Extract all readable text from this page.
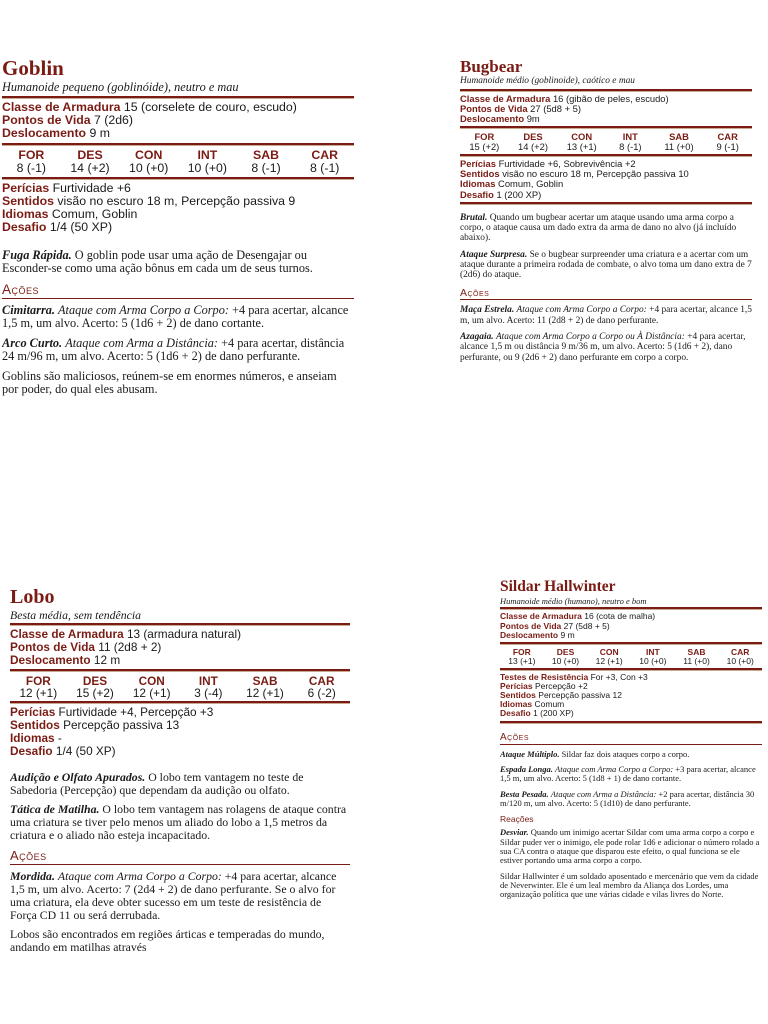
Goblin
Humanoide pequeno (goblinóide), neutro e mau

Classe de Armadura 15 (corselete de couro, escudo)

Pontos de Vida 7 (2d6)

Deslocamento 9 m

FOR
8 (-1)
DES
14 (+2)
CON
10 (+0)
INT
10 (+0)
SAB
8 (-1)
CAR
8 (-1)

Perícias Furtividade +6

Sentidos visão no escuro 18 m, Percepção passiva 9

Idiomas Comum, Goblin

Desafio 1/4 (50 XP)

Fuga Rápida. O goblin pode usar uma ação de Desengajar ou Esconder-se como uma ação bônus em cada um de seus turnos.

Ações

Cimitarra. Ataque com Arma Corpo a Corpo: +4 para acertar, alcance 1,5 m, um alvo. Acerto: 5 (1d6 + 2) de dano cortante.

Arco Curto. Ataque com Arma a Distância: +4 para acertar, distância 24 m/96 m, um alvo. Acerto: 5 (1d6 + 2) de dano perfurante.

Goblins são maliciosos, reúnem-se em enormes números, e anseiam por poder, do qual eles abusam.

Bugbear
Humanoide médio (goblinoide), caótico e mau

Classe de Armadura 16 (gibão de peles, escudo)

Pontos de Vida 27 (5d8 + 5)

Deslocamento 9m

FOR
15 (+2)
DES
14 (+2)
CON
13 (+1)
INT
8 (-1)
SAB
11 (+0)
CAR
9 (-1)

Perícias Furtividade +6, Sobrevivência +2

Sentidos visão no escuro 18 m, Percepção passiva 10

Idiomas Comum, Goblin

Desafio 1 (200 XP)

Brutal. Quando um bugbear acertar um ataque usando uma arma corpo a corpo, o ataque causa um dado extra da arma de dano no alvo (já incluído abaixo).

Ataque Surpresa. Se o bugbear surpreender uma criatura e a acertar com um ataque durante a primeira rodada de combate, o alvo toma um dano extra de 7 (2d6) do ataque.

Ações

Maça Estrela. Ataque com Arma Corpo a Corpo: +4 para acertar, alcance 1,5 m, um alvo. Acerto: 11 (2d8 + 2) de dano perfurante.

Azagaia. Ataque com Arma Corpo a Corpo ou À Distância: +4 para acertar, alcance 1,5 m ou distância 9 m/36 m, um alvo. Acerto: 5 (1d6 + 2), dano perfurante, ou 9 (2d6 + 2) dano perfurante em corpo a corpo.

Lobo
Besta média, sem tendência

Classe de Armadura 13 (armadura natural)

Pontos de Vida 11 (2d8 + 2)

Deslocamento 12 m

FOR
12 (+1)
DES
15 (+2)
CON
12 (+1)
INT
3 (-4)
SAB
12 (+1)
CAR
6 (-2)

Perícias Furtividade +4, Percepção +3

Sentidos Percepção passiva 13

Idiomas -

Desafio 1/4 (50 XP)

Audição e Olfato Apurados. O lobo tem vantagem no teste de Sabedoria (Percepção) que dependam da audição ou olfato.

Tática de Matilha. O lobo tem vantagem nas rolagens de ataque contra uma criatura se tiver pelo menos um aliado do lobo a 1,5 metros da criatura e o aliado não esteja incapacitado.

Ações

Mordida. Ataque com Arma Corpo a Corpo: +4 para acertar, alcance 1,5 m, um alvo. Acerto: 7 (2d4 + 2) de dano perfurante. Se o alvo for uma criatura, ela deve obter sucesso em um teste de resistência de Força CD 11 ou será derrubada.

Lobos são encontrados em regiões árticas e temperadas do mundo, andando em matilhas através

Sildar Hallwinter
Humanoide médio (humano), neutro e bom

Classe de Armadura 16 (cota de malha)

Pontos de Vida 27 (5d8 + 5)

Deslocamento 9 m

FOR
13 (+1)
DES
10 (+0)
CON
12 (+1)
INT
10 (+0)
SAB
11 (+0)
CAR
10 (+0)

Testes de Resistência For +3, Con +3

Perícias Percepção +2

Sentidos Percepção passiva 12

Idiomas Comum

Desafio 1 (200 XP)

Ações

Ataque Múltiplo. Sildar faz dois ataques corpo a corpo.

Espada Longa. Ataque com Arma Corpo a Corpo: +3 para acertar, alcance 1,5 m, um alvo. Acerto: 5 (1d8 + 1) de dano cortante.

Besta Pesada. Ataque com Arma a Distância: +2 para acertar, distância 30 m/120 m, um alvo. Acerto: 5 (1d10) de dano perfurante.

Reações

Desviar. Quando um inimigo acertar Sildar com uma arma corpo a corpo e Sildar puder ver o inimigo, ele pode rolar 1d6 e adicionar o número rolado a sua CA contra o ataque que disparou este efeito, o qual funciona se ele estiver portando uma arma corpo a corpo.

Sildar Hallwinter é um soldado aposentado e mercenário que vem da cidade de Neverwinter. Ele é um leal membro da Aliança dos Lordes, uma organização política que une várias cidade e vilas livres do Norte.
